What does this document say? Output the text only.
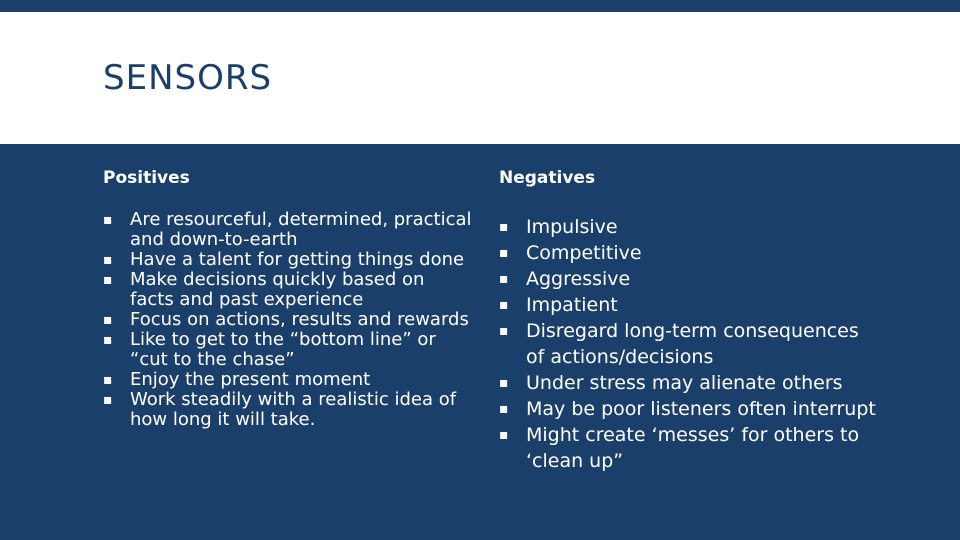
SENSORS
Positives	Negatives
▪ Are resourceful, determined, practical and down-to-earth
▪ Have a talent for getting things done
▪ Make decisions quickly based on facts and past experience
▪ Focus on actions, results and rewards
▪ Like to get to the “bottom line” or “cut to the chase”
▪ Enjoy the present moment
▪ Work steadily with a realistic idea of how long it will take.
▪ Impulsive
▪ Competitive
▪ Aggressive
▪ Impatient
▪ Disregard long-term consequences of actions/decisions
▪ Under stress may alienate others
▪ May be poor listeners often interrupt
▪ Might create ‘messes’ for others to ‘clean up”
